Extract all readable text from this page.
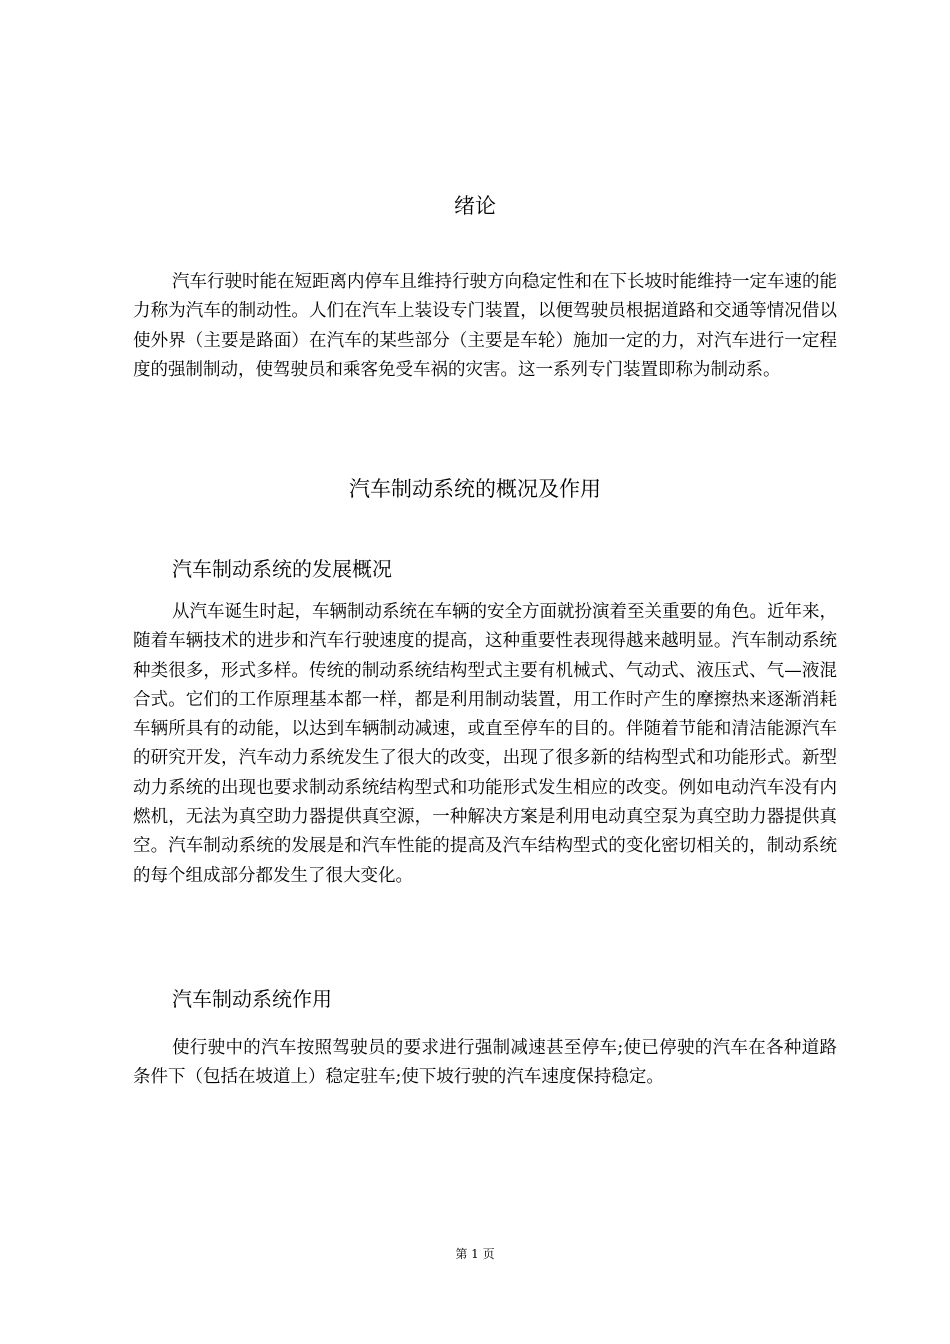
绪论

汽车行驶时能在短距离内停车且维持行驶方向稳定性和在下长坡时能维持一定车速的能力称为汽车的制动性。人们在汽车上装设专门装置，以便驾驶员根据道路和交通等情况借以使外界（主要是路面）在汽车的某些部分（主要是车轮）施加一定的力，对汽车进行一定程度的强制制动，使驾驶员和乘客免受车祸的灾害。这一系列专门装置即称为制动系。

汽车制动系统的概况及作用
汽车制动系统的发展概况

从汽车诞生时起，车辆制动系统在车辆的安全方面就扮演着至关重要的角色。近年来，随着车辆技术的进步和汽车行驶速度的提高，这种重要性表现得越来越明显。汽车制动系统种类很多，形式多样。传统的制动系统结构型式主要有机械式、气动式、液压式、气—液混合式。它们的工作原理基本都一样，都是利用制动装置，用工作时产生的摩擦热来逐渐消耗车辆所具有的动能，以达到车辆制动减速，或直至停车的目的。伴随着节能和清洁能源汽车的研究开发，汽车动力系统发生了很大的改变，出现了很多新的结构型式和功能形式。新型动力系统的出现也要求制动系统结构型式和功能形式发生相应的改变。例如电动汽车没有内燃机，无法为真空助力器提供真空源，一种解决方案是利用电动真空泵为真空助力器提供真空。汽车制动系统的发展是和汽车性能的提高及汽车结构型式的变化密切相关的，制动系统的每个组成部分都发生了很大变化。

汽车制动系统作用

使行驶中的汽车按照驾驶员的要求进行强制减速甚至停车;使已停驶的汽车在各种道路条件下（包括在坡道上）稳定驻车;使下坡行驶的汽车速度保持稳定。

第 1 页
